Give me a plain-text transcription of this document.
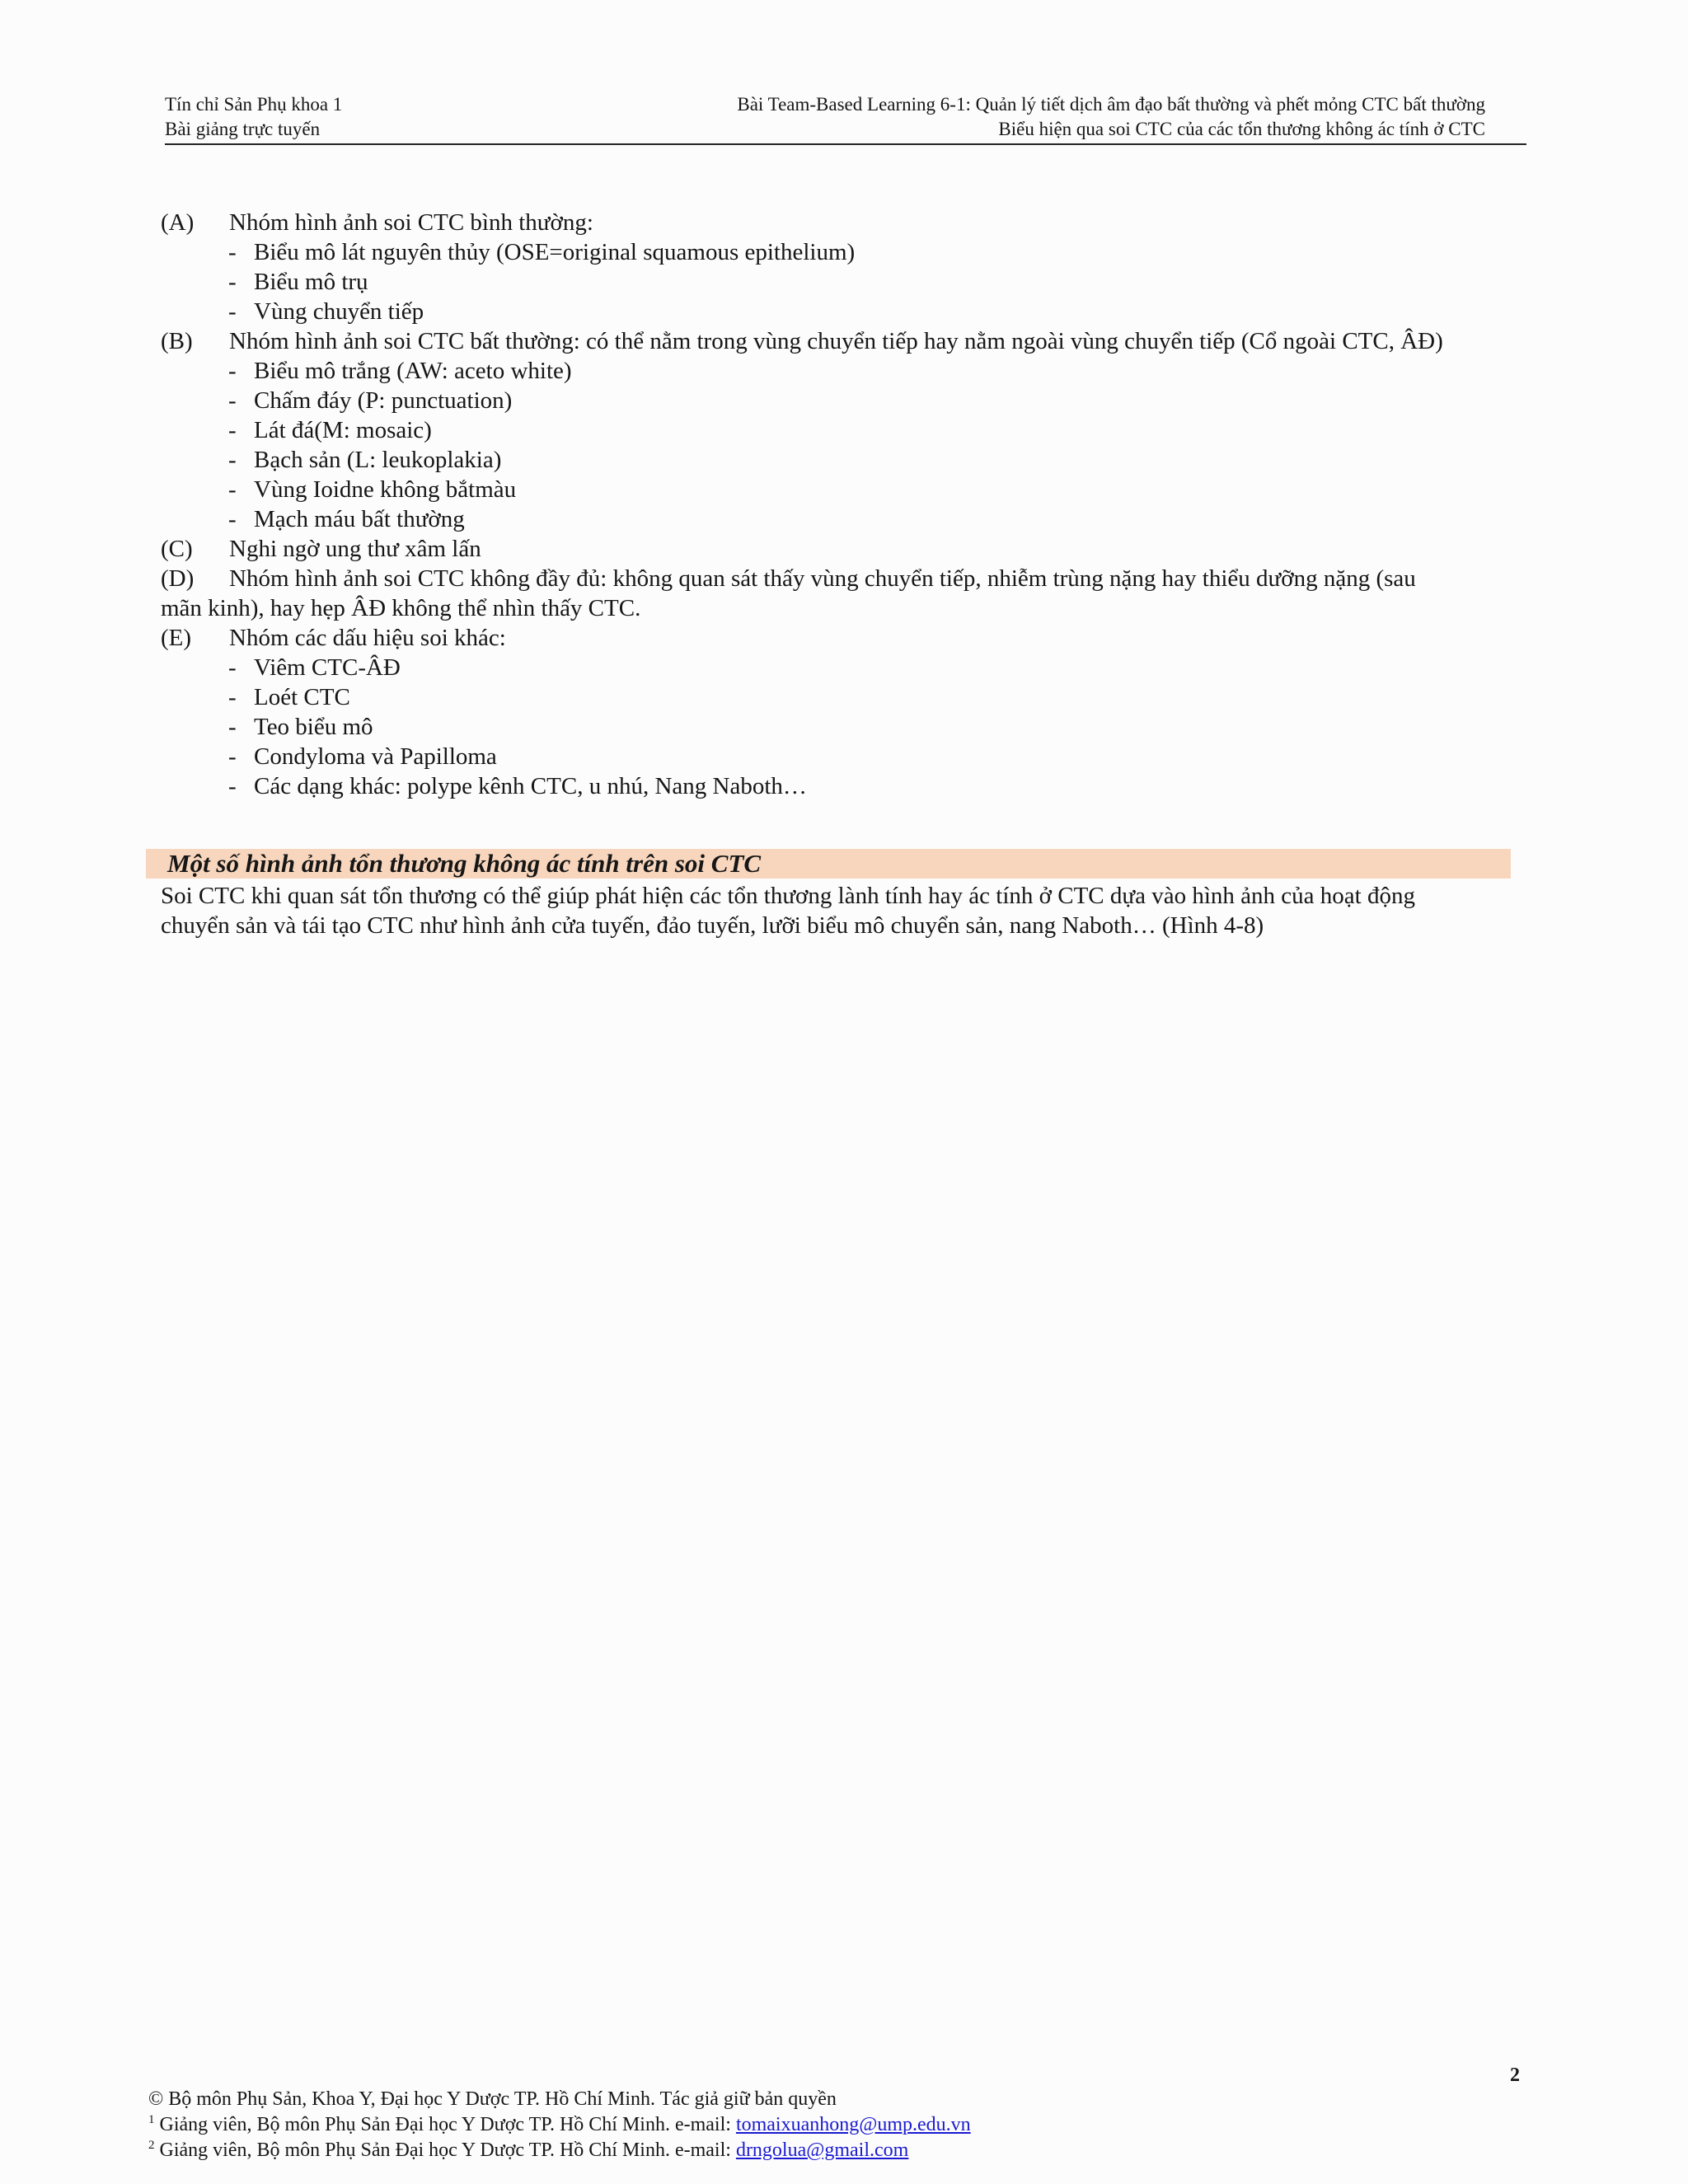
Tín chỉ Sản Phụ khoa 1
Bài giảng trực tuyến
Bài Team-Based Learning 6-1: Quản lý tiết dịch âm đạo bất thường và phết mỏng CTC bất thường
Biểu hiện qua soi CTC của các tổn thương không ác tính ở CTC
(A) Nhóm hình ảnh soi CTC bình thường:
- Biểu mô lát nguyên thủy (OSE=original squamous epithelium)
- Biểu mô trụ
- Vùng chuyển tiếp
(B) Nhóm hình ảnh soi CTC bất thường: có thể nằm trong vùng chuyển tiếp hay nằm ngoài vùng chuyển tiếp (Cổ ngoài CTC, ÂĐ)
- Biểu mô trắng (AW: aceto white)
- Chấm đáy (P: punctuation)
- Lát đá(M: mosaic)
- Bạch sản (L: leukoplakia)
- Vùng Ioidne không bắtmàu
- Mạch máu bất thường
(C) Nghi ngờ ung thư xâm lấn
(D) Nhóm hình ảnh soi CTC không đầy đủ: không quan sát thấy vùng chuyển tiếp, nhiễm trùng nặng hay thiểu dưỡng nặng (sau
mãn kinh), hay hẹp ÂĐ không thể nhìn thấy CTC.
(E) Nhóm các dấu hiệu soi khác:
- Viêm CTC-ÂĐ
- Loét CTC
- Teo biểu mô
- Condyloma và Papilloma
- Các dạng khác: polype kênh CTC, u nhú, Nang Naboth…
Một số hình ảnh tổn thương không ác tính trên soi CTC
Soi CTC khi quan sát tổn thương có thể giúp phát hiện các tổn thương lành tính hay ác tính ở CTC dựa vào hình ảnh của hoạt động
chuyển sản và tái tạo CTC như hình ảnh cửa tuyến, đảo tuyến, lưỡi biểu mô chuyển sản, nang Naboth… (Hình 4-8)
2
© Bộ môn Phụ Sản, Khoa Y, Đại học Y Dược TP. Hồ Chí Minh. Tác giả giữ bản quyền
$^1$ Giảng viên, Bộ môn Phụ Sản Đại học Y Dược TP. Hồ Chí Minh. e-mail: tomaixuanhong@ump.edu.vn
$^2$ Giảng viên, Bộ môn Phụ Sản Đại học Y Dược TP. Hồ Chí Minh. e-mail: drngolua@gmail.com
